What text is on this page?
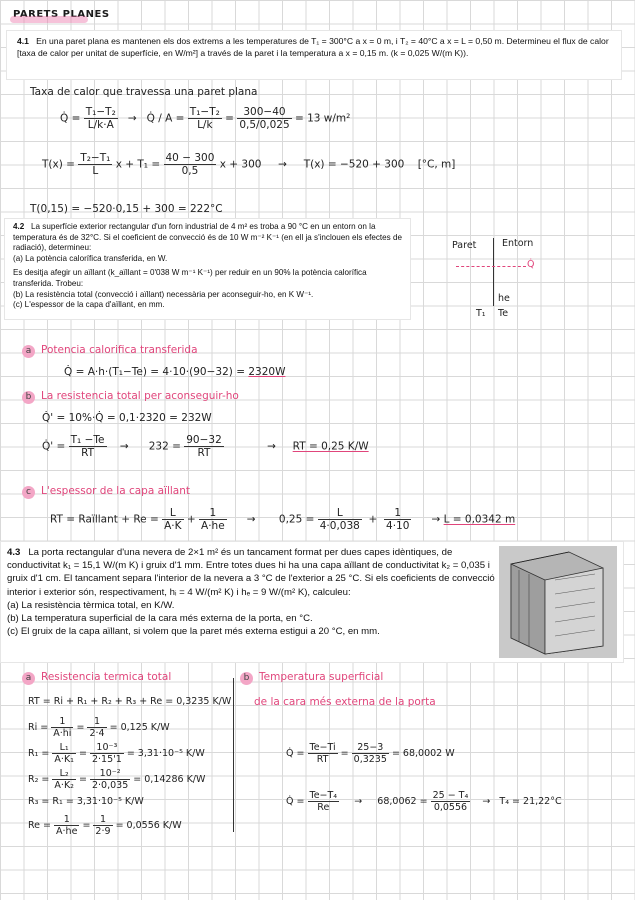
PARETS PLANES

4.1 En una paret plana es mantenen els dos extrems a les temperatures de T₁ = 300°C a x = 0 m, i T₂ = 40°C a x = L = 0,50 m. Determineu el flux de calor [taxa de calor per unitat de superfície, en W/m²] a través de la paret i la temperatura a x = 0,15 m. (k = 0,025 W/(m K)).

Taxa de calor que travessa una paret plana
Q̇ = $\frac{\text{T₁−T₂}}{L/k\cdot A}$ → Q̇ / $A = \frac{\text{T₁−T₂}}{L/k} = \frac{300-40}{0,5/0,025} = 13$ w/m²
$T(x) = \frac{\text{T₂−T₁}}{L}$ $x + T_1 = \frac{40 - 300}{0,5}$ x + 300 → T(x) = −520 + 300 [°C, m]
T(0,15) = −520·0,15 + 300 = 222°C

4.2 La superfície exterior rectangular d'un forn industrial de 4 m² es troba a 90 °C en un entorn on la temperatura és de 32°C. Si el coeficient de convecció és de 10 W m⁻² K⁻¹ (en ell ja s'inclouen els efectes de radiació), determineu:

(a) La potència calorífica transferida, en W.

Es desitja afegir un aïllant (k_aïllant = 0'038 W m⁻¹ K⁻¹) per reduir en un 90% la potència calorífica transferida. Trobeu:

(b) La resistència total (convecció i aïllant) necessària per aconseguir-ho, en K W⁻¹.

(c) L'espessor de la capa d'aïllant, en mm.

Paret	Entorn
Q̇
he
T₁ Te
a Potencia calorifica transferida
Q̇ = A·h·(T₁−Te) = 4·10·(90−32) = 2320W
b La resistencia total per aconseguir-ho
Q̇' = 10%·Q̇ = 0,1·2320 = 232W
Q̇' = $\frac{\text{T₁ −Te}}{RT} \to 232 = \frac{90-32}{RT}$	→ RT = 0,25 K/W
c L'espessor de la capa aïllant
RT = Raïllant + $Re = \frac{L}{A\cdot K} + \frac{1}{A\cdot he} \to 0,25 = \frac{L}{4\cdot 0,038} + \frac{1}{4\cdot 10} \to L = 0,0342$ m

4.3 La porta rectangular d'una nevera de 2×1 m² és un tancament format per dues capes idèntiques, de conductivitat k₁ = 15,1 W/(m K) i gruix d'1 mm. Entre totes dues hi ha una capa aïllant de conductivitat k₂ = 0,035 i gruix d'1 cm. El tancament separa l'interior de la nevera a 3 °C de l'exterior a 25 °C. Si els coeficients de convecció interior i exterior són, respectivament, hᵢ = 4 W/(m² K) i hₑ = 9 W/(m² K), calculeu:

(a) La resistència tèrmica total, en K/W.

(b) La temperatura superficial de la cara més externa de la porta, en °C.

(c) El gruix de la capa aïllant, si volem que la paret més externa estigui a 20 °C, en mm.

a Resistencia termica total
RT = Ri + R₁ + R₂ + R₃ + Re = 0,3235 K/W
$Ri = \frac{1}{A\cdot hi} = \frac{1}{2\cdot 4} = 0,125$ K/W
$R_1 = \frac{\text{L₁}}{\text{A·K₁}} = \frac{\text{10⁻³}}{2\cdot 15'1} = 3,31\cdot 10^{-5}$ K/W
$R_2 = \frac{\text{L₂}}{\text{A·K₂}} = \frac{\text{10⁻²}}{2\cdot 0,035} = 0,14286$ K/W
R₃ = R₁ = 3,31·10⁻⁵ K/W
$Re = \frac{1}{A\cdot he} = \frac{1}{2\cdot 9} = 0,0556$ K/W
b Temperatura superficial
de la cara més externa de la porta
Q̇ = $\frac{Te-Ti}{RT} = \frac{25-3}{0,3235} = 68,0002$ W
Q̇ = $\frac{\text{Te−T₄}}{Re} \to 68,0062 = \frac{\text{25 − T₄}}{0,0556} \to T_4 = 21,22^\circ C$
